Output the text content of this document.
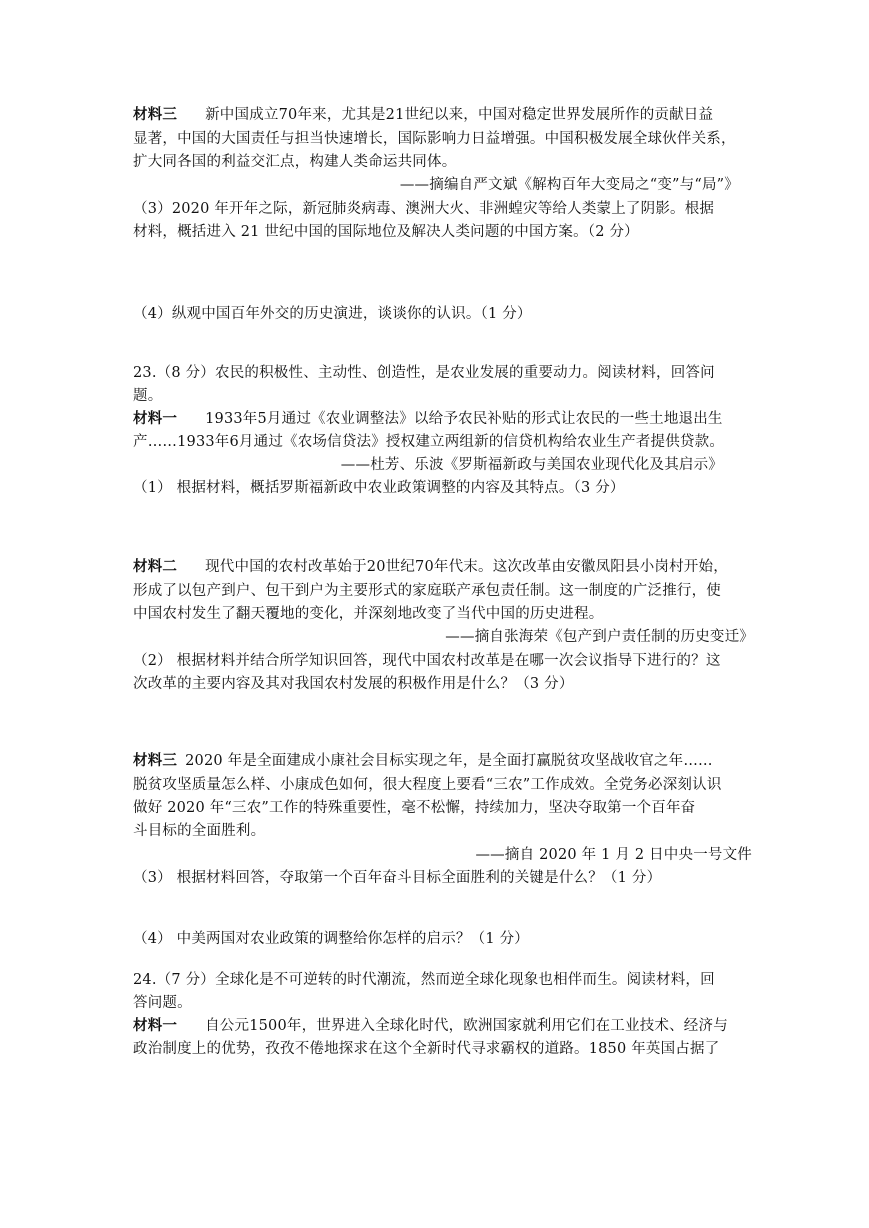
材料三 新中国成立70年来，尤其是21世纪以来，中国对稳定世界发展所作的贡献日益
显著，中国的大国责任与担当快速增长，国际影响力日益增强。中国积极发展全球伙伴关系，
扩大同各国的利益交汇点，构建人类命运共同体。
——摘编自严文斌《解构百年大变局之“变”与“局”》
（3）2020 年开年之际，新冠肺炎病毒、澳洲大火、非洲蝗灾等给人类蒙上了阴影。根据
材料，概括进入 21 世纪中国的国际地位及解决人类问题的中国方案。（2 分）
（4）纵观中国百年外交的历史演进，谈谈你的认识。（1 分）
23.（8 分）农民的积极性、主动性、创造性，是农业发展的重要动力。阅读材料，回答问
题。
材料一 1933年5月通过《农业调整法》以给予农民补贴的形式让农民的一些土地退出生
产……1933年6月通过《农场信贷法》授权建立两组新的信贷机构给农业生产者提供贷款。
——杜芳、乐波《罗斯福新政与美国农业现代化及其启示》
（1） 根据材料，概括罗斯福新政中农业政策调整的内容及其特点。（3 分）
材料二 现代中国的农村改革始于20世纪70年代末。这次改革由安徽凤阳县小岗村开始，
形成了以包产到户、包干到户为主要形式的家庭联产承包责任制。这一制度的广泛推行，使
中国农村发生了翻天覆地的变化，并深刻地改变了当代中国的历史进程。
——摘自张海荣《包产到户责任制的历史变迁》
（2） 根据材料并结合所学知识回答，现代中国农村改革是在哪一次会议指导下进行的？这
次改革的主要内容及其对我国农村发展的积极作用是什么？（3 分）
材料三 2020 年是全面建成小康社会目标实现之年，是全面打赢脱贫攻坚战收官之年……
脱贫攻坚质量怎么样、小康成色如何，很大程度上要看“三农”工作成效。全党务必深刻认识
做好 2020 年“三农”工作的特殊重要性，毫不松懈，持续加力，坚决夺取第一个百年奋
斗目标的全面胜利。
——摘自 2020 年 1 月 2 日中央一号文件
（3） 根据材料回答，夺取第一个百年奋斗目标全面胜利的关键是什么？（1 分）
（4） 中美两国对农业政策的调整给你怎样的启示？（1 分）
24.（7 分）全球化是不可逆转的时代潮流，然而逆全球化现象也相伴而生。阅读材料，回
答问题。
材料一 自公元1500年，世界进入全球化时代，欧洲国家就利用它们在工业技术、经济与
政治制度上的优势，孜孜不倦地探求在这个全新时代寻求霸权的道路。1850 年英国占据了
